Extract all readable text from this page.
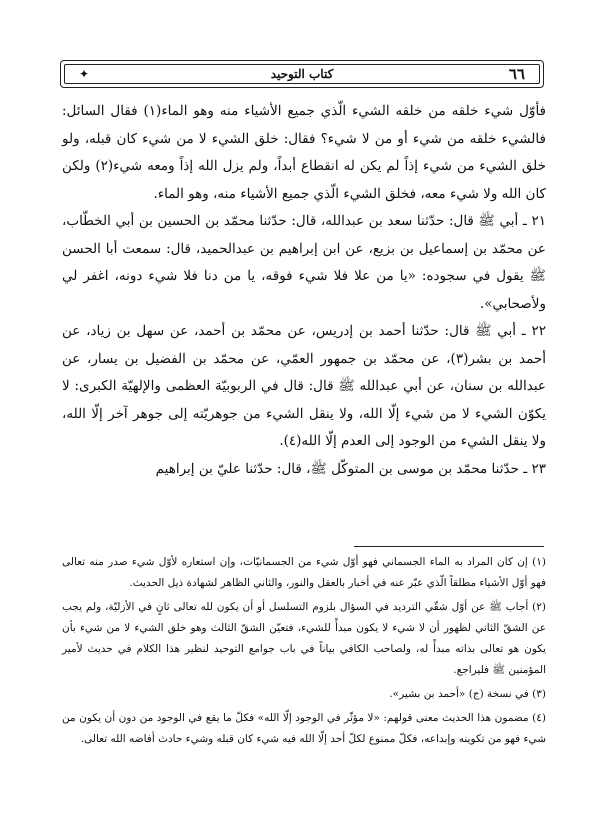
٦٦
كتاب التوحيد
✦

فأوّل شيء خلقه من خلقه الشيء الّذي جميع الأشياء منه وهو الماء(١) فقال السائل: فالشيء خلقه من شيء أو من لا شيء؟ فقال: خلق الشيء لا من شيء كان قبله، ولو خلق الشيء من شيء إذاً لم يكن له انقطاع أبداً، ولم يزل الله إذاً ومعه شيء(٢) ولكن كان الله ولا شيء معه، فخلق الشيء الّذي جميع الأشياء منه، وهو الماء.

٢١ ـ أبي ﷺ قال: حدّثنا سعد بن عبدالله، قال: حدّثنا محمّد بن الحسين بن أبي الخطّاب، عن محمّد بن إسماعيل بن بزيع، عن ابن إبراهيم بن عبدالحميد، قال: سمعت أبا الحسن ﷺ يقول في سجوده: «يا من علا فلا شيء فوقه، يا من دنا فلا شيء دونه، اغفر لي ولأصحابي».

٢٢ ـ أبي ﷺ قال: حدّثنا أحمد بن إدريس، عن محمّد بن أحمد، عن سهل بن زياد، عن أحمد بن بشر(٣)، عن محمّد بن جمهور العمّي، عن محمّد بن الفضيل بن يسار، عن عبدالله بن سنان، عن أبي عبدالله ﷺ قال: قال في الربوبيّة العظمى والإلهيّة الكبرى: لا يكوّن الشيء لا من شيء إلّا الله، ولا ينقل الشيء من جوهريّته إلى جوهر آخر إلّا الله، ولا ينقل الشيء من الوجود إلى العدم إلّا الله(٤).

٢٣ ـ حدّثنا محمّد بن موسى بن المتوكّل ﷺ، قال: حدّثنا عليّ بن إبراهيم

(١) إن كان المراد به الماء الجسماني فهو أوّل شيء من الجسمانيّات، وإن استعاره لأوّل شيء صدر منه تعالى فهو أوّل الأشياء مطلقاً الّذي عبّر عنه في أخبار بالعقل والنور، والثاني الظاهر لشهادة ذيل الحديث.

(٢) أجاب ﷺ عن أوّل شقّي الترديد في السؤال بلزوم التسلسل أو أن يكون لله تعالى ثانٍ في الأزليّة، ولم يجب عن الشقّ الثاني لظهور أن لا شيء لا يكون مبدأً للشيء، فتعيّن الشقّ الثالث وهو خلق الشيء لا من شيء بأن يكون هو تعالى بذاته مبدأً له، ولصاحب الكافي بياناً في باب جوامع التوحيد لنظير هذا الكلام في حديث لأمير المؤمنين ﷺ فليراجع.

(٣) في نسخة (ج) «أحمد بن بشير».

(٤) مضمون هذا الحديث معنى قولهم: «لا مؤثّر في الوجود إلّا الله» فكلّ ما يقع في الوجود من دون أن يكون من شيء فهو من تكوينه وإبداعه، فكلّ ممنوع لكلّ أحد إلّا الله فيه شيء كان قبله وشيء حادث أفاضه الله تعالى.
